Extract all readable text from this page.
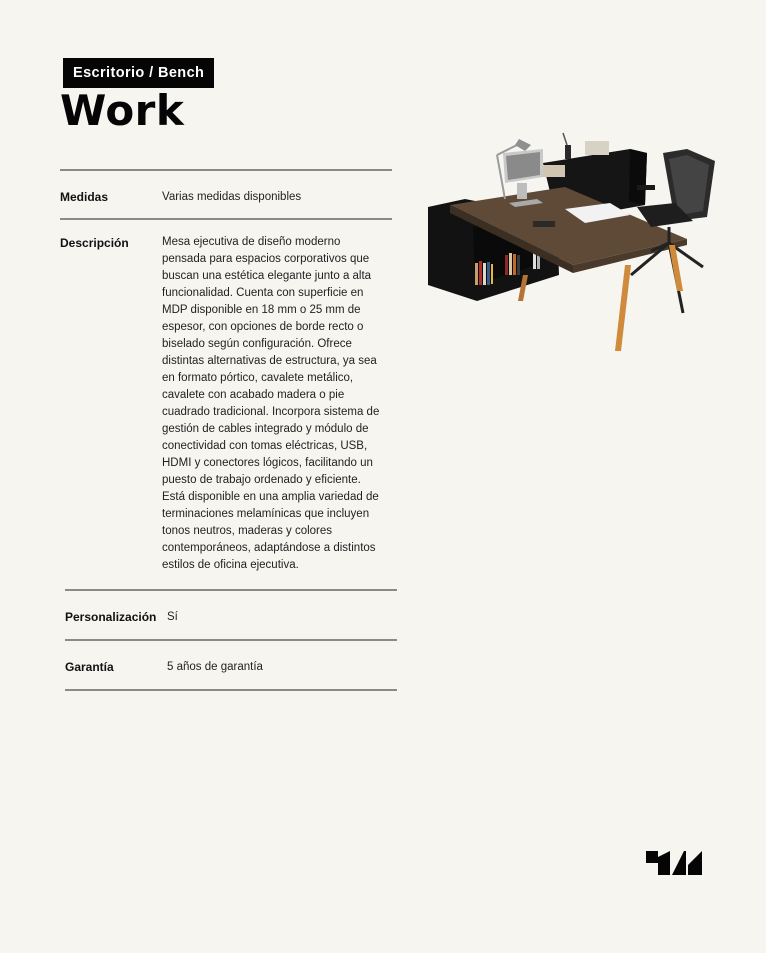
Escritorio / Bench
Work
Medidas	Varias medidas disponibles
Descripción	Mesa ejecutiva de diseño moderno
pensada para espacios corporativos que
buscan una estética elegante junto a alta
funcionalidad. Cuenta con superficie en
MDP disponible en 18 mm o 25 mm de
espesor, con opciones de borde recto o
biselado según configuración. Ofrece
distintas alternativas de estructura, ya sea
en formato pórtico, cavalete metálico,
cavalete con acabado madera o pie
cuadrado tradicional. Incorpora sistema de
gestión de cables integrado y módulo de
conectividad con tomas eléctricas, USB,
HDMI y conectores lógicos, facilitando un
puesto de trabajo ordenado y eficiente.
Está disponible en una amplia variedad de
terminaciones melamínicas que incluyen
tonos neutros, maderas y colores
contemporáneos, adaptándose a distintos
estilos de oficina ejecutiva.
Personalización Sí
Garantía	5 años de garantía
